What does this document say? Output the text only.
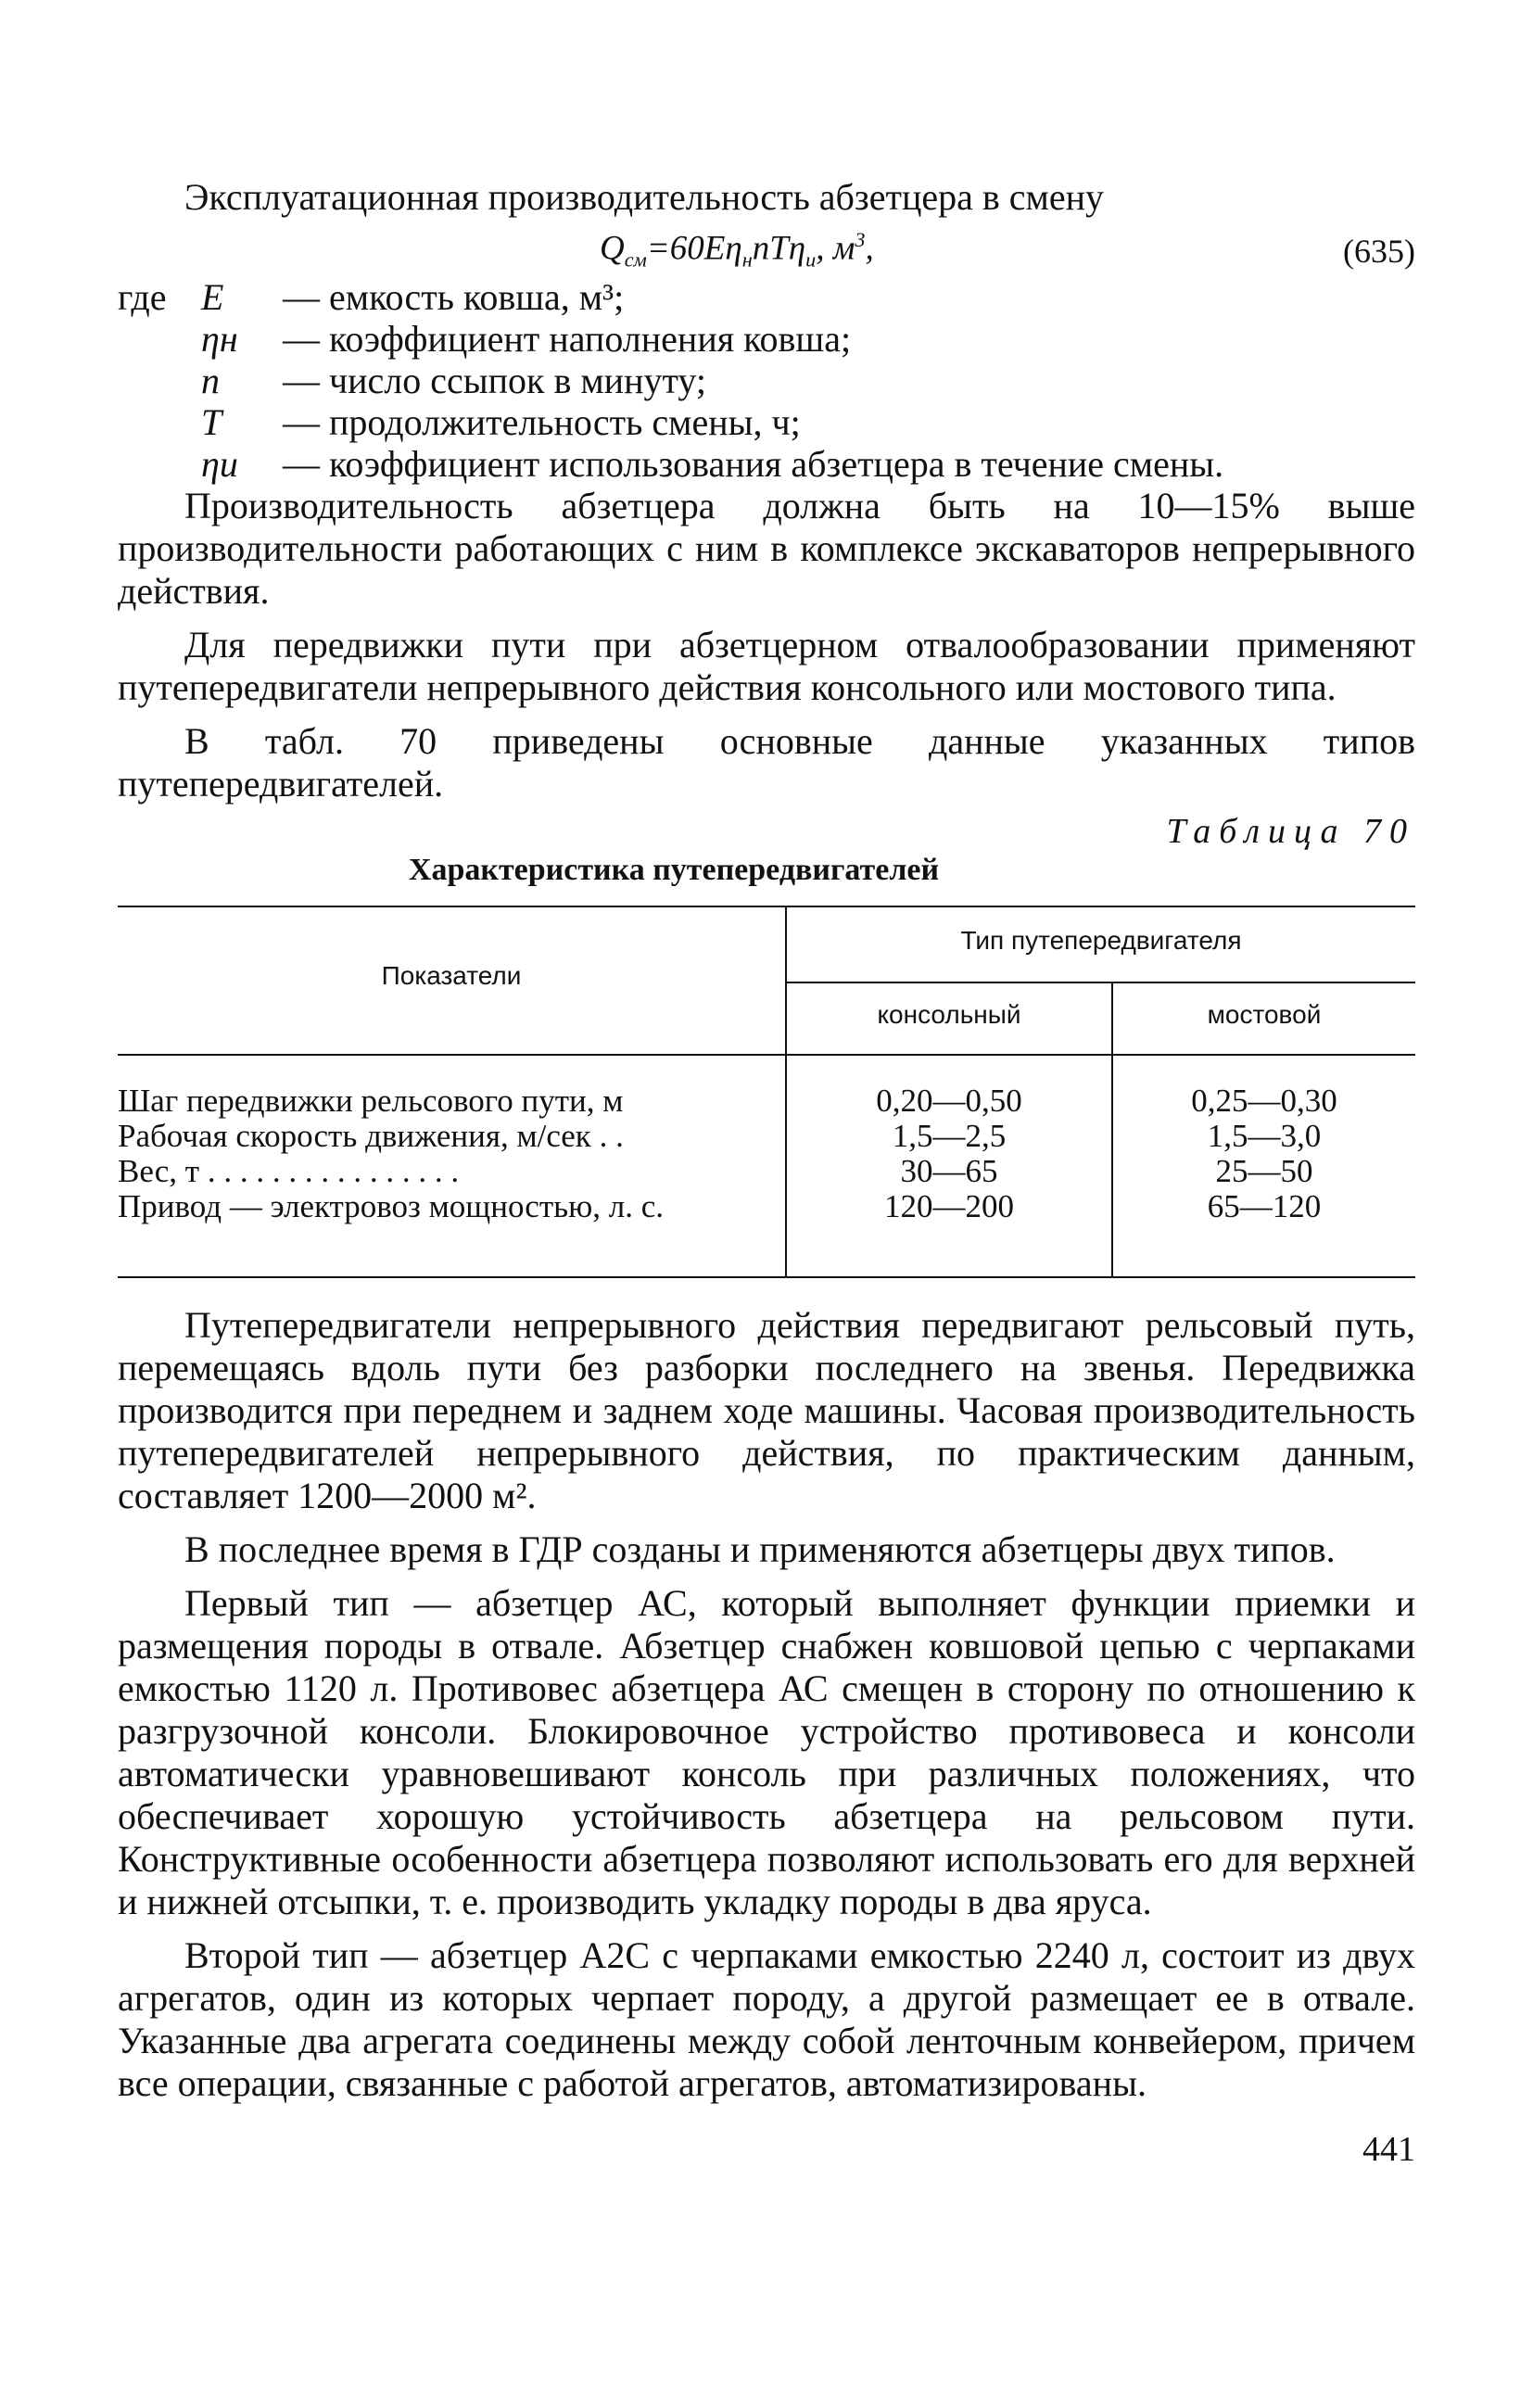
Эксплуатационная производительность абзетцера в смену

$Q_{см}=60E\eta_нnT\eta_и$, $м^3$,	(635)
где E — емкость ковша, м³;
ηн — коэффициент наполнения ковша;
n — число ссыпок в минуту;
T — продолжительность смены, ч;
ηи — коэффициент использования абзетцера в течение смены.

Производительность абзетцера должна быть на 10—15% выше производительности работающих с ним в комплексе экскаваторов непрерывного действия.

Для передвижки пути при абзетцерном отвалообразовании применяют путепередвигатели непрерывного действия консольного или мостового типа.

В табл. 70 приведены основные данные указанных типов путепередвигателей.

Таблица 70
Характеристика путепередвигателей
Показатели
Тип путепередвигателя
консольный	мостовой
Шаг передвижки рельсового пути, м	0,20—0,50	0,25—0,30
Рабочая скорость движения, м/сек . .	1,5—2,5	1,5—3,0
Вес, т . . . . . . . . . . . . . . . .	30—65	25—50
Привод — электровоз мощностью, л. с.	120—200	65—120

Путепередвигатели непрерывного действия передвигают рельсовый путь, перемещаясь вдоль пути без разборки последнего на звенья. Передвижка производится при переднем и заднем ходе машины. Часовая производительность путепередвигателей непрерывного действия, по практическим данным, составляет 1200—2000 м².

В последнее время в ГДР созданы и применяются абзетцеры двух типов.

Первый тип — абзетцер АС, который выполняет функции приемки и размещения породы в отвале. Абзетцер снабжен ковшовой цепью с черпаками емкостью 1120 л. Противовес абзетцера АС смещен в сторону по отношению к разгрузочной консоли. Блокировочное устройство противовеса и консоли автоматически уравновешивают консоль при различных положениях, что обеспечивает хорошую устойчивость абзетцера на рельсовом пути. Конструктивные особенности абзетцера позволяют использовать его для верхней и нижней отсыпки, т. е. производить укладку породы в два яруса.

Второй тип — абзетцер А2С с черпаками емкостью 2240 л, состоит из двух агрегатов, один из которых черпает породу, а другой размещает ее в отвале. Указанные два агрегата соединены между собой ленточным конвейером, причем все операции, связанные с работой агрегатов, автоматизированы.

441
